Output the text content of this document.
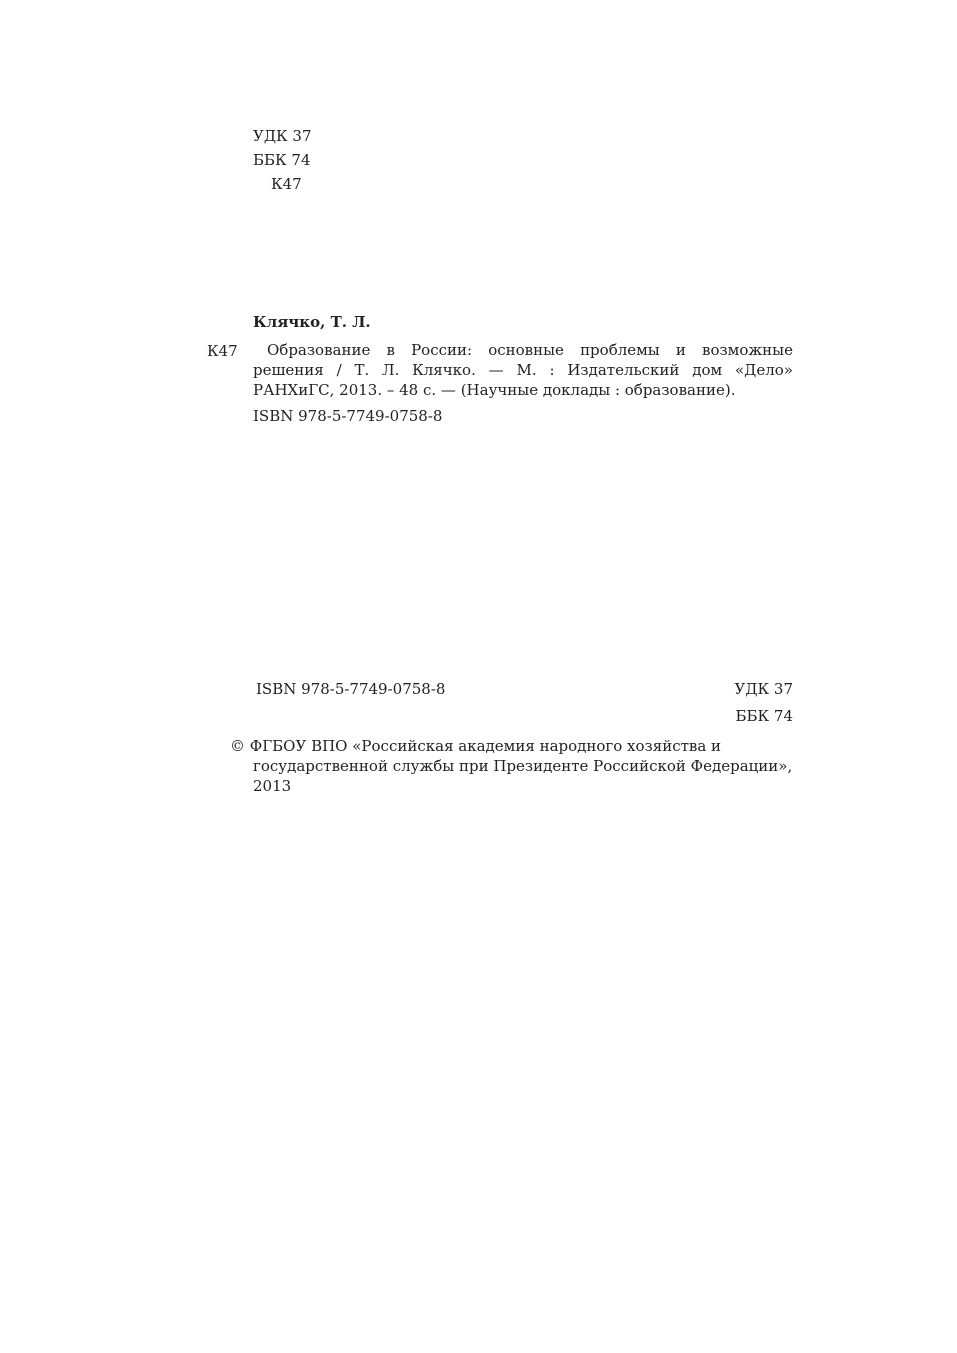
УДК 37
ББК 74
К47
Клячко, Т. Л.
К47	Образование в России: основные проблемы и возможные решения / Т. Л. Клячко. — М. : Издательский дом «Дело» РАНХиГС, 2013. – 48 с. — (Научные доклады : образование).
ISBN 978-5-7749-0758-8
ISBN 978-5-7749-0758-8	УДК 37
ББК 74
© ФГБОУ ВПО «Российская академия народного хозяйства и государственной службы при Президенте Российской Федерации», 2013
